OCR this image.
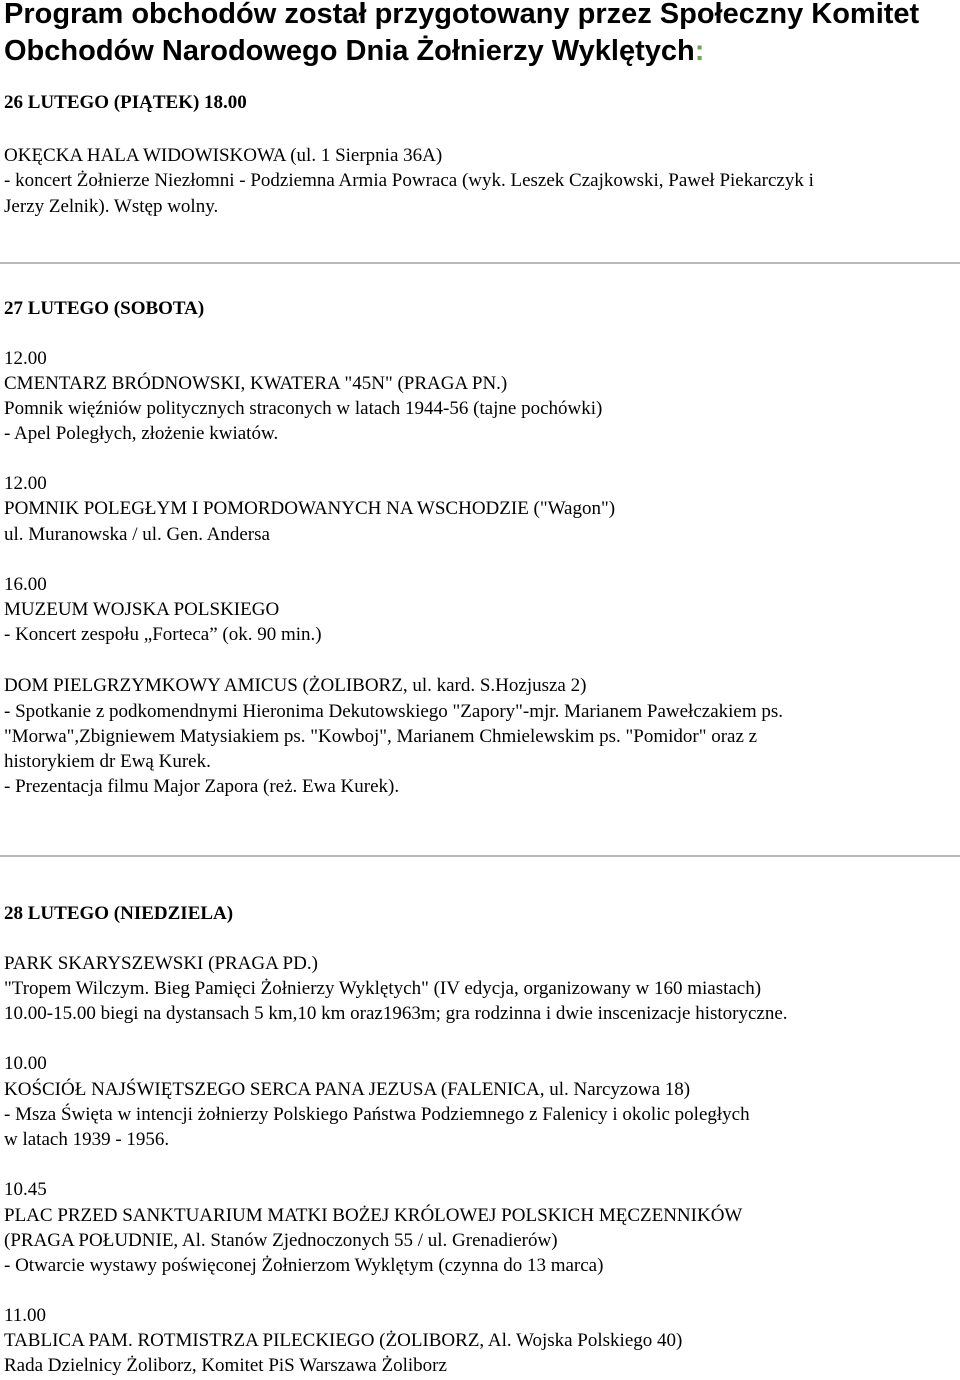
Program obchodów został przygotowany przez Społeczny Komitet
Obchodów Narodowego Dnia Żołnierzy Wyklętych:

26 LUTEGO (PIĄTEK) 18.00

OKĘCKA HALA WIDOWISKOWA (ul. 1 Sierpnia 36A)

- koncert Żołnierze Niezłomni - Podziemna Armia Powraca (wyk. Leszek Czajkowski, Paweł Piekarczyk i

Jerzy Zelnik). Wstęp wolny.

27 LUTEGO (SOBOTA)

12.00

CMENTARZ BRÓDNOWSKI, KWATERA "45N" (PRAGA PN.)

Pomnik więźniów politycznych straconych w latach 1944-56 (tajne pochówki)

- Apel Poległych, złożenie kwiatów.

12.00

POMNIK POLEGŁYM I POMORDOWANYCH NA WSCHODZIE ("Wagon")

ul. Muranowska / ul. Gen. Andersa

16.00

MUZEUM WOJSKA POLSKIEGO

- Koncert zespołu „Forteca” (ok. 90 min.)

DOM PIELGRZYMKOWY AMICUS (ŻOLIBORZ, ul. kard. S.Hozjusza 2)

- Spotkanie z podkomendnymi Hieronima Dekutowskiego "Zapory"-mjr. Marianem Pawełczakiem ps.

"Morwa",Zbigniewem Matysiakiem ps. "Kowboj", Marianem Chmielewskim ps. "Pomidor" oraz z

historykiem dr Ewą Kurek.

- Prezentacja filmu Major Zapora (reż. Ewa Kurek).

28 LUTEGO (NIEDZIELA)

PARK SKARYSZEWSKI (PRAGA PD.)

"Tropem Wilczym. Bieg Pamięci Żołnierzy Wyklętych" (IV edycja, organizowany w 160 miastach)

10.00-15.00 biegi na dystansach 5 km,10 km oraz1963m; gra rodzinna i dwie inscenizacje historyczne.

10.00

KOŚCIÓŁ NAJŚWIĘTSZEGO SERCA PANA JEZUSA (FALENICA, ul. Narcyzowa 18)

- Msza Święta w intencji żołnierzy Polskiego Państwa Podziemnego z Falenicy i okolic poległych

w latach 1939 - 1956.

10.45

PLAC PRZED SANKTUARIUM MATKI BOŻEJ KRÓLOWEJ POLSKICH MĘCZENNIKÓW

(PRAGA POŁUDNIE, Al. Stanów Zjednoczonych 55 / ul. Grenadierów)

- Otwarcie wystawy poświęconej Żołnierzom Wyklętym (czynna do 13 marca)

11.00

TABLICA PAM. ROTMISTRZA PILECKIEGO (ŻOLIBORZ, Al. Wojska Polskiego 40)

Rada Dzielnicy Żoliborz, Komitet PiS Warszawa Żoliborz
